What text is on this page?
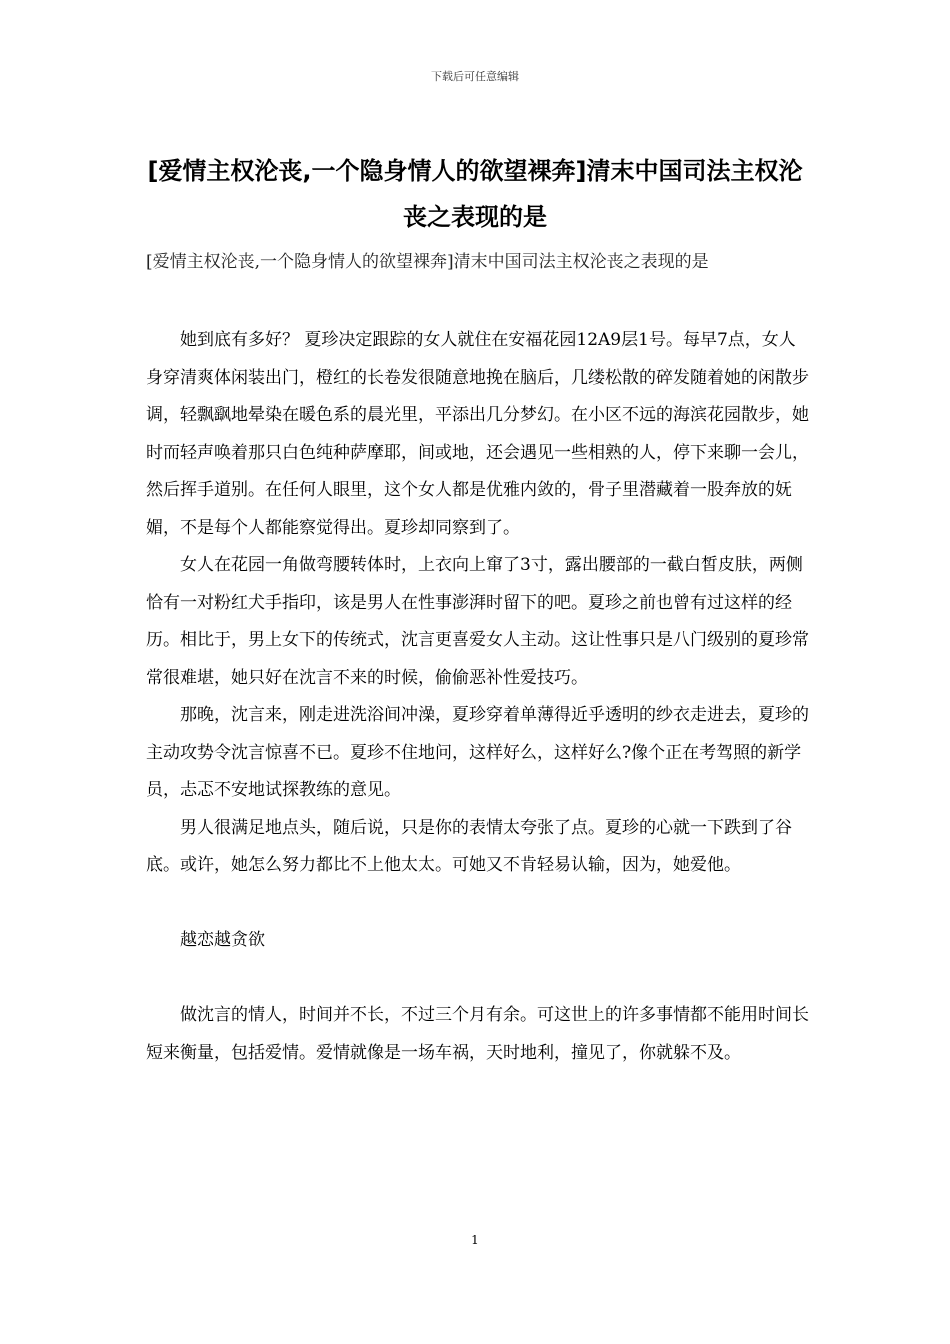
下载后可任意编辑
[爱情主权沦丧,一个隐身情人的欲望裸奔]清末中国司法主权沦丧之表现的是
[爱情主权沦丧,一个隐身情人的欲望裸奔]清末中国司法主权沦丧之表现的是

她到底有多好？ 夏珍决定跟踪的女人就住在安福花园12A9层1号。每早7点，女人身穿清爽体闲装出门，橙红的长卷发很随意地挽在脑后，几缕松散的碎发随着她的闲散步调，轻飘飖地晕染在暖色系的晨光里，平添出几分梦幻。在小区不远的海滨花园散步，她时而轻声唤着那只白色纯种萨摩耶，间或地，还会遇见一些相熟的人，停下来聊一会儿，然后挥手道别。在任何人眼里，这个女人都是优雅内敛的，骨子里潜藏着一股奔放的妩媚，不是每个人都能察觉得出。夏珍却同察到了。

女人在花园一角做弯腰转体时，上衣向上窜了3寸，露出腰部的一截白皙皮肤，两侧恰有一对粉红犬手指印，该是男人在性事澎湃时留下的吧。夏珍之前也曾有过这样的经历。相比于，男上女下的传统式，沈言更喜爱女人主动。这让性事只是八门级别的夏珍常常很难堪，她只好在沈言不来的时候，偷偷恶补性爱技巧。

那晚，沈言来，刚走进洗浴间冲澡，夏珍穿着单薄得近乎透明的纱衣走进去，夏珍的主动攻势令沈言惊喜不已。夏珍不住地问，这样好么，这样好么?像个正在考驾照的新学员，忐忑不安地试探教练的意见。

男人很满足地点头，随后说，只是你的表情太夸张了点。夏珍的心就一下跌到了谷底。或许，她怎么努力都比不上他太太。可她又不肯轻易认输，因为，她爱他。

越恋越贪欲

做沈言的情人，时间并不长，不过三个月有余。可这世上的许多事情都不能用时间长短来衡量，包括爱情。爱情就像是一场车祸，天时地利，撞见了，你就躲不及。

1
